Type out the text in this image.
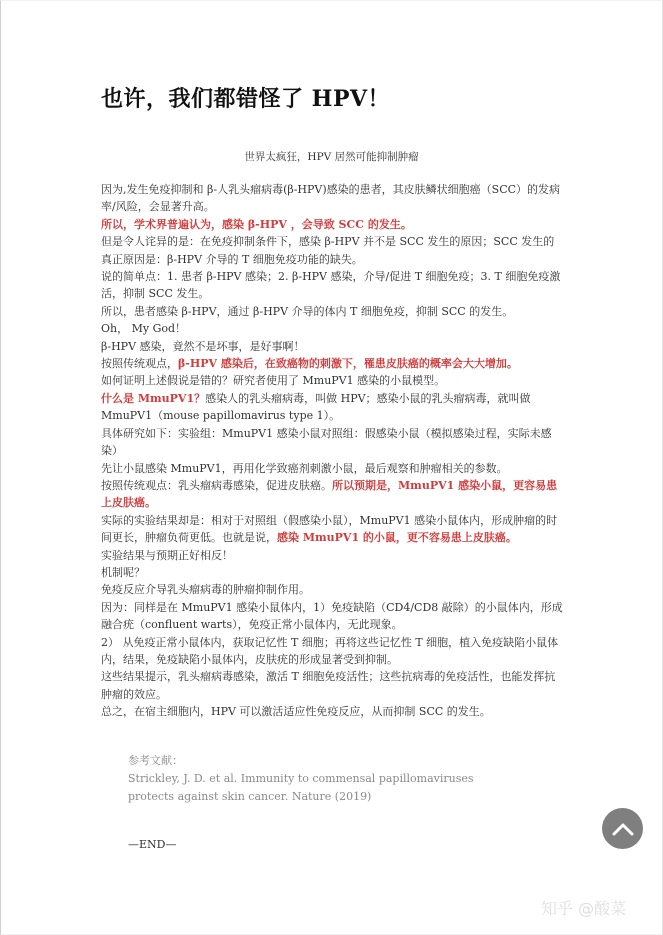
也许，我们都错怪了 HPV！
世界太疯狂，HPV 居然可能抑制肿瘤

因为,发生免疫抑制和 β-人乳头瘤病毒(β-HPV)感染的患者，其皮肤鳞状细胞癌（SCC）的发病率/风险，会显著升高。

所以，学术界普遍认为，感染 β-HPV ，会导致 SCC 的发生。

但是令人诧异的是：在免疫抑制条件下，感染 β-HPV 并不是 SCC 发生的原因；SCC 发生的真正原因是：β-HPV 介导的 T 细胞免疫功能的缺失。

说的简单点：1. 患者 β-HPV 感染；2. β-HPV 感染，介导/促进 T 细胞免疫；3. T 细胞免疫激活，抑制 SCC 发生。

所以，患者感染 β-HPV，通过 β-HPV 介导的体内 T 细胞免疫，抑制 SCC 的发生。

Oh， My God！

β-HPV 感染，竟然不是坏事，是好事啊！

按照传统观点，β-HPV 感染后，在致癌物的刺激下，罹患皮肤癌的概率会大大增加。

如何证明上述假说是错的？研究者使用了 MmuPV1 感染的小鼠模型。

什么是 MmuPV1？感染人的乳头瘤病毒，叫做 HPV；感染小鼠的乳头瘤病毒，就叫做 MmuPV1（mouse papillomavirus type 1）。

具体研究如下：实验组：MmuPV1 感染小鼠对照组：假感染小鼠（模拟感染过程，实际未感染）

先让小鼠感染 MmuPV1，再用化学致癌剂刺激小鼠，最后观察和肿瘤相关的参数。

按照传统观点：乳头瘤病毒感染，促进皮肤癌。所以预期是，MmuPV1 感染小鼠，更容易患上皮肤癌。

实际的实验结果却是：相对于对照组（假感染小鼠），MmuPV1 感染小鼠体内，形成肿瘤的时间更长，肿瘤负荷更低。也就是说，感染 MmuPV1 的小鼠，更不容易患上皮肤癌。

实验结果与预期正好相反！

机制呢？

免疫反应介导乳头瘤病毒的肿瘤抑制作用。

因为：同样是在 MmuPV1 感染小鼠体内，1）免疫缺陷（CD4/CD8 敲除）的小鼠体内，形成融合疣（confluent warts），免疫正常小鼠体内，无此现象。

2） 从免疫正常小鼠体内，获取记忆性 T 细胞；再将这些记忆性 T 细胞，植入免疫缺陷小鼠体内，结果，免疫缺陷小鼠体内，皮肤疣的形成显著受到抑制。

这些结果提示，乳头瘤病毒感染，激活 T 细胞免疫活性；这些抗病毒的免疫活性，也能发挥抗肿瘤的效应。

总之，在宿主细胞内，HPV 可以激活适应性免疫反应，从而抑制 SCC 的发生。

参考文献：

Strickley, J. D. et al. Immunity to commensal papillomaviruses

protects against skin cancer. Nature (2019)

—END—
知乎 @酸菜
